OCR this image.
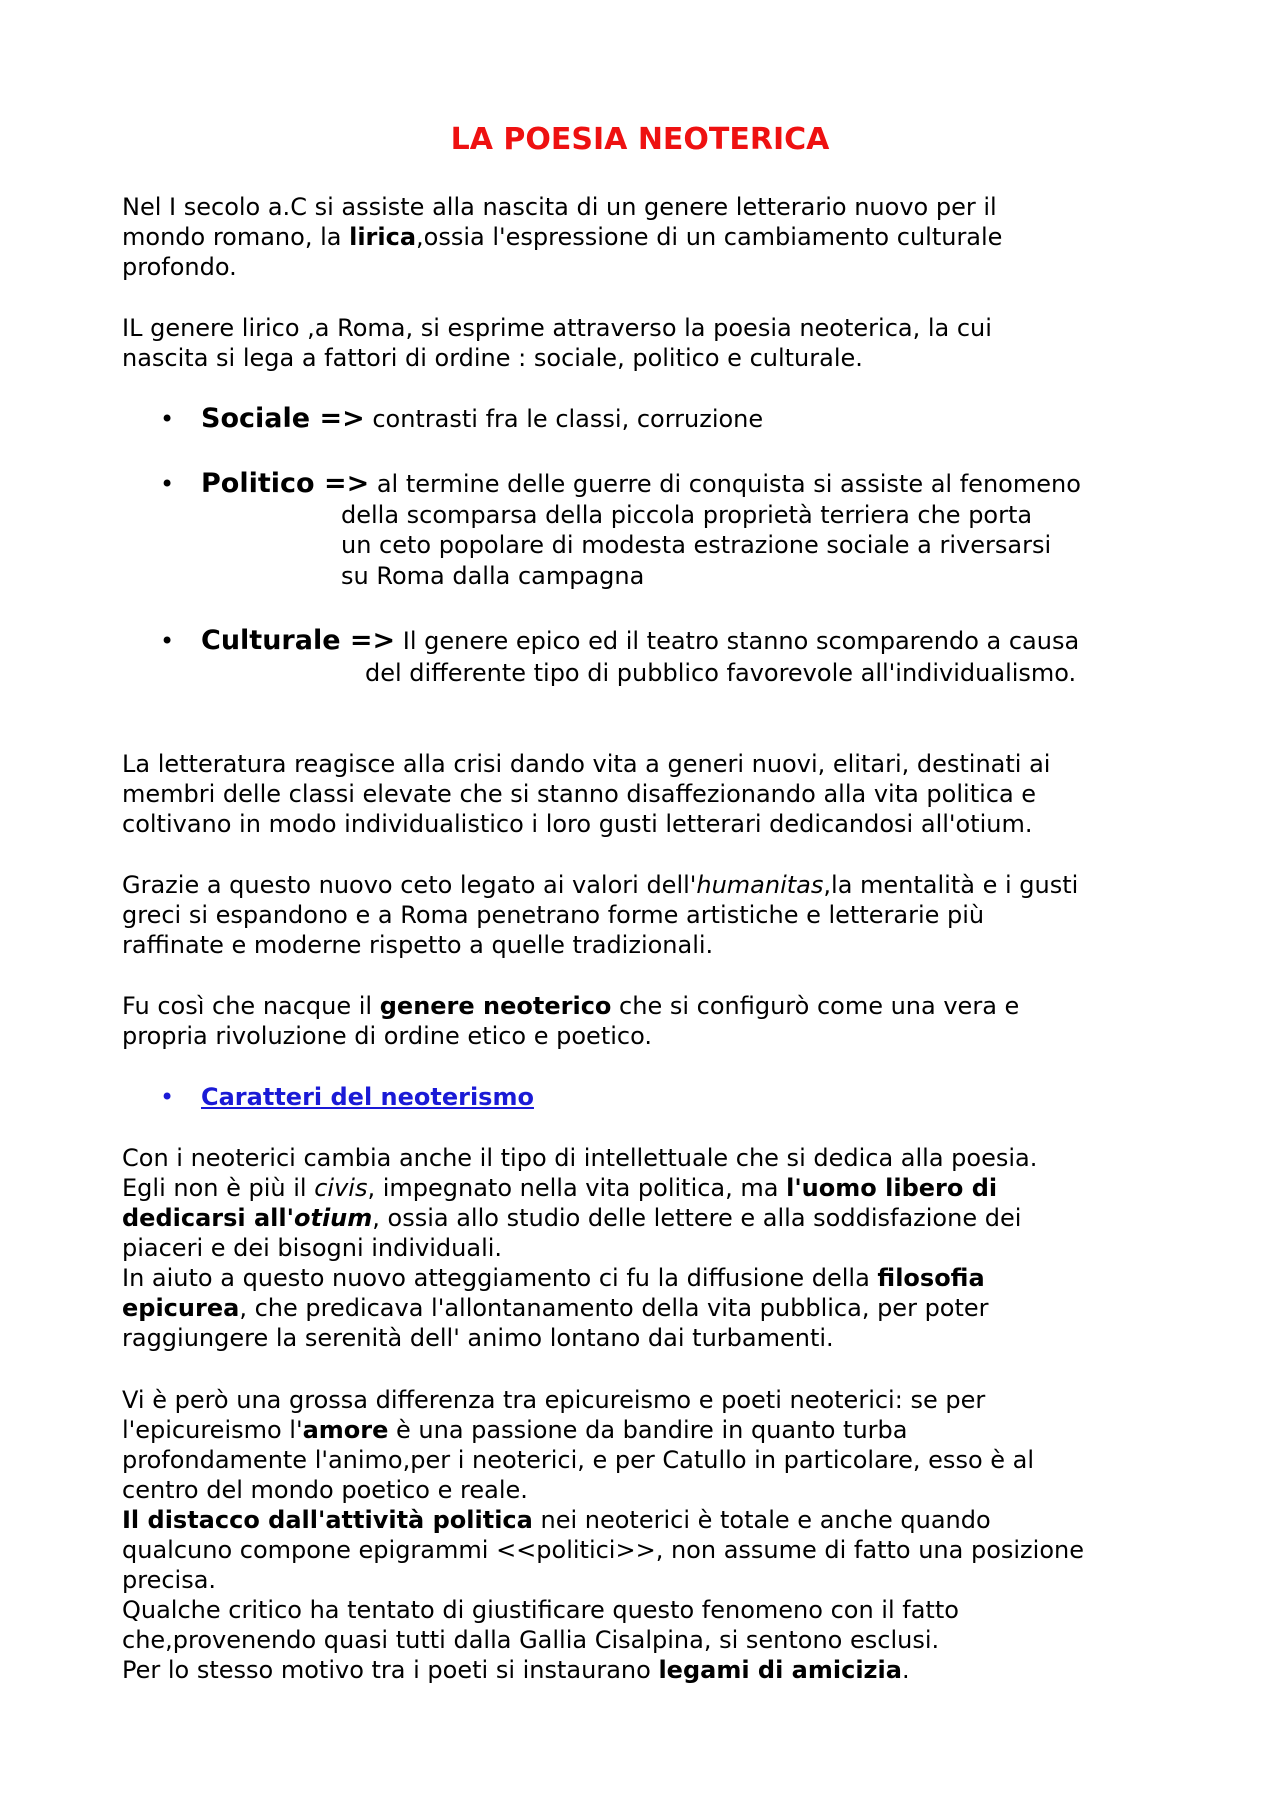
LA POESIA NEOTERICA
Nel I secolo a.C si assiste alla nascita di un genere letterario nuovo per il
mondo romano, la lirica,ossia l'espressione di un cambiamento culturale
profondo.
IL genere lirico ,a Roma, si esprime attraverso la poesia neoterica, la cui
nascita si lega a fattori di ordine : sociale, politico e culturale.
• Sociale => contrasti fra le classi, corruzione
• Politico => al termine delle guerre di conquista si assiste al fenomeno
della scomparsa della piccola proprietà terriera che porta
un ceto popolare di modesta estrazione sociale a riversarsi
su Roma dalla campagna
• Culturale => Il genere epico ed il teatro stanno scomparendo a causa
del differente tipo di pubblico favorevole all'individualismo.
La letteratura reagisce alla crisi dando vita a generi nuovi, elitari, destinati ai
membri delle classi elevate che si stanno disaffezionando alla vita politica e
coltivano in modo individualistico i loro gusti letterari dedicandosi all'otium.
Grazie a questo nuovo ceto legato ai valori dell'humanitas,la mentalità e i gusti
greci si espandono e a Roma penetrano forme artistiche e letterarie più
raffinate e moderne rispetto a quelle tradizionali.
Fu così che nacque il genere neoterico che si configurò come una vera e
propria rivoluzione di ordine etico e poetico.
• Caratteri del neoterismo
Con i neoterici cambia anche il tipo di intellettuale che si dedica alla poesia.
Egli non è più il civis, impegnato nella vita politica, ma l'uomo libero di
dedicarsi all'otium, ossia allo studio delle lettere e alla soddisfazione dei
piaceri e dei bisogni individuali.
In aiuto a questo nuovo atteggiamento ci fu la diffusione della filosofia
epicurea, che predicava l'allontanamento della vita pubblica, per poter
raggiungere la serenità dell' animo lontano dai turbamenti.
Vi è però una grossa differenza tra epicureismo e poeti neoterici: se per
l'epicureismo l'amore è una passione da bandire in quanto turba
profondamente l'animo,per i neoterici, e per Catullo in particolare, esso è al
centro del mondo poetico e reale.
Il distacco dall'attività politica nei neoterici è totale e anche quando
qualcuno compone epigrammi <<politici>>, non assume di fatto una posizione
precisa.
Qualche critico ha tentato di giustificare questo fenomeno con il fatto
che,provenendo quasi tutti dalla Gallia Cisalpina, si sentono esclusi.
Per lo stesso motivo tra i poeti si instaurano legami di amicizia.
